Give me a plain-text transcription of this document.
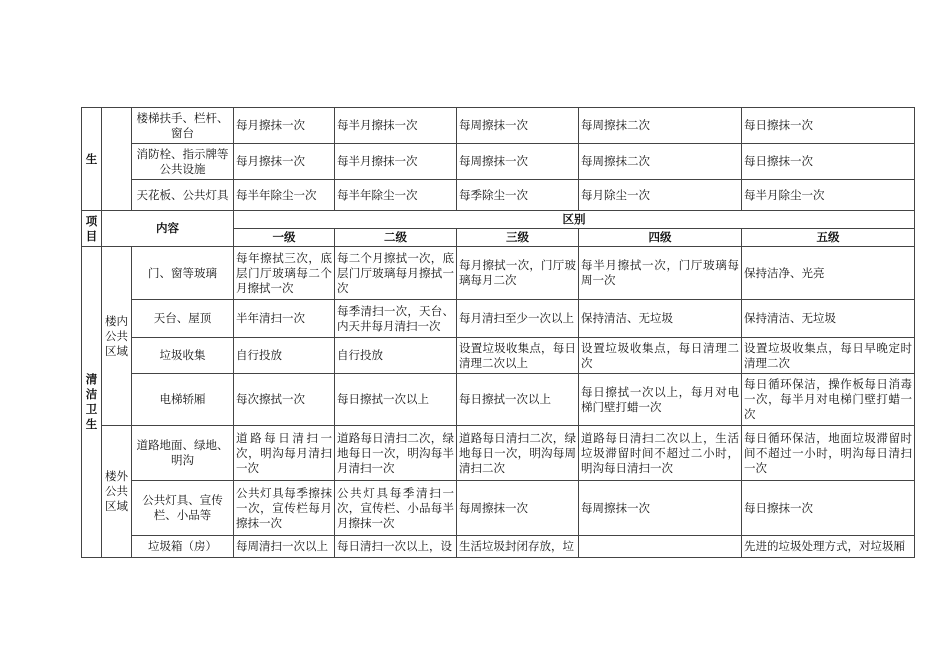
生		楼梯扶手、栏杆、窗台	每月擦抹一次	每半月擦抹一次	每周擦抹一次	每周擦抹二次	每日擦抹一次
		消防栓、指示牌等公共设施	每月擦抹一次	每半月擦抹一次	每周擦抹一次	每周擦抹二次	每日擦抹一次
		天花板、公共灯具	每半年除尘一次	每半年除尘一次	每季除尘一次	每月除尘一次	每半月除尘一次
项目	内容		区别				
			一级	二级	三级	四级	五级
清洁卫生	楼内公共区域	门、窗等玻璃	每年擦拭三次，底层门厅玻璃每二个月擦拭一次	每二个月擦拭一次，底层门厅玻璃每月擦拭一次	每月擦拭一次，门厅玻璃每月二次	每半月擦拭一次，门厅玻璃每周一次	保持洁净、光亮
		天台、屋顶	半年清扫一次	每季清扫一次，天台、内天井每月清扫一次	每月清扫至少一次以上	保持清洁、无垃圾	保持清洁、无垃圾
		垃圾收集	自行投放	自行投放	设置垃圾收集点，每日清理二次以上	设置垃圾收集点，每日清理二次	设置垃圾收集点，每日早晚定时清理二次
		电梯轿厢	每次擦拭一次	每日擦拭一次以上	每日擦拭一次以上	每日擦拭一次以上，每月对电梯门壁打蜡一次	每日循环保洁，操作板每日消毒一次，每半月对电梯门壁打蜡一次
	楼外公共区域	道路地面、绿地、明沟	道路每日清扫一次，明沟每月清扫一次	道路每日清扫二次，绿地每日一次，明沟每半月清扫一次	道路每日清扫二次，绿地每日一次，明沟每周清扫二次	道路每日清扫二次以上，生活垃圾滞留时间不超过二小时，明沟每日清扫一次	每日循环保洁，地面垃圾滞留时间不超过一小时，明沟每日清扫一次
		公共灯具、宣传栏、小品等	公共灯具每季擦抹一次，宣传栏每月擦抹一次	公共灯具每季清扫一次，宣传栏、小品每半月擦抹一次	每周擦抹一次	每周擦抹一次	每日擦抹一次
		垃圾箱（房）	每周清扫一次以上	每日清扫一次以上，设	生活垃圾封闭存放，垃		先进的垃圾处理方式，对垃圾厢
